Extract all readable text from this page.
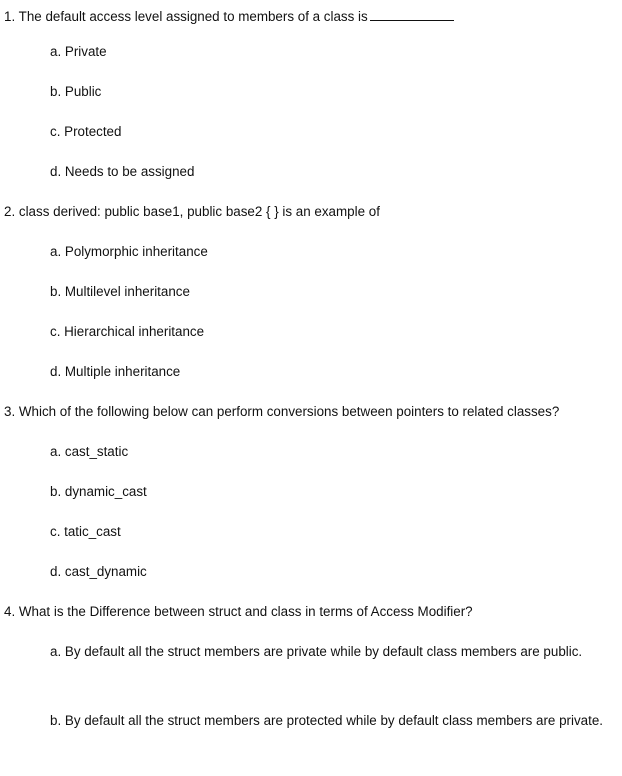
1. The default access level assigned to members of a class is
a. Private
b. Public
c. Protected
d. Needs to be assigned
2. class derived: public base1, public base2 { } is an example of
a. Polymorphic inheritance
b. Multilevel inheritance
c. Hierarchical inheritance
d. Multiple inheritance
3. Which of the following below can perform conversions between pointers to related classes?
a. cast_static
b. dynamic_cast
c. tatic_cast
d. cast_dynamic
4. What is the Difference between struct and class in terms of Access Modifier?
a. By default all the struct members are private while by default class members are public.
b. By default all the struct members are protected while by default class members are private.
